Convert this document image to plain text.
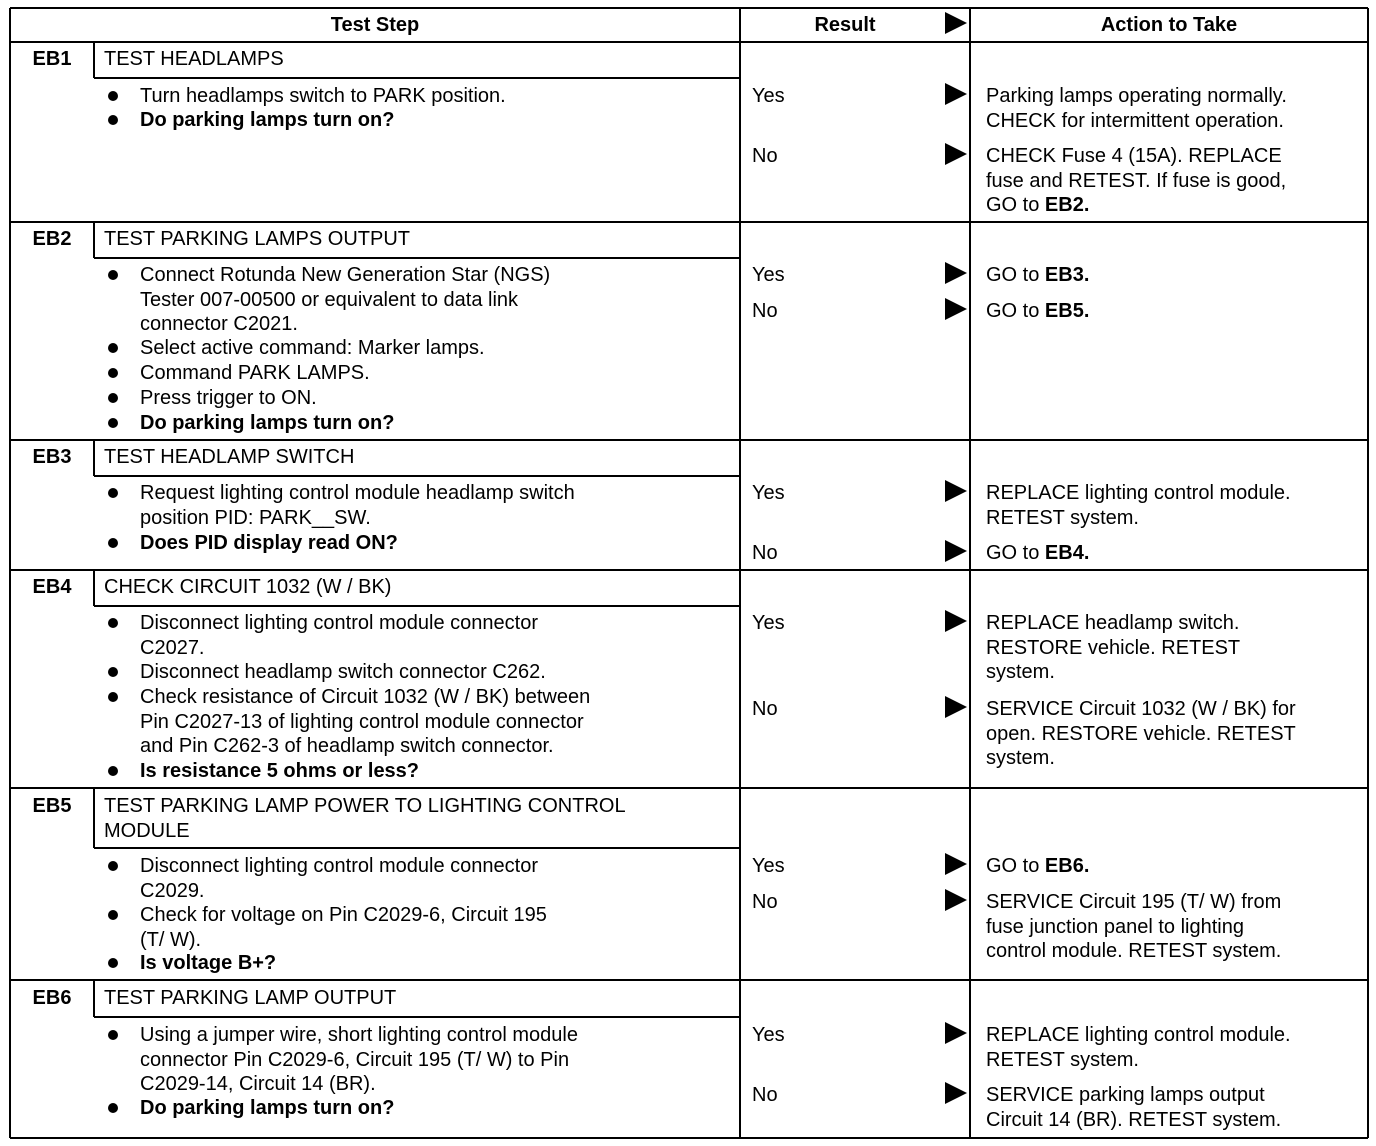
Test Step	Result	Action to Take
EB1	TEST HEADLAMPS
Turn headlamps switch to PARK position.
Do parking lamps turn on?
Yes	Parking lamps operating normally.
CHECK for intermittent operation.
No	CHECK Fuse 4 (15A). REPLACE
fuse and RETEST. If fuse is good,
GO to EB2.
EB2	TEST PARKING LAMPS OUTPUT
Connect Rotunda New Generation Star (NGS)
Tester 007-00500 or equivalent to data link
connector C2021.
Select active command: Marker lamps.
Command PARK LAMPS.
Press trigger to ON.
Do parking lamps turn on?
Yes	GO to EB3.
No	GO to EB5.
EB3	TEST HEADLAMP SWITCH
Request lighting control module headlamp switch
position PID: PARK__SW.
Does PID display read ON?
Yes	REPLACE lighting control module.
RETEST system.
No	GO to EB4.
EB4	CHECK CIRCUIT 1032 (W / BK)
Disconnect lighting control module connector
C2027.
Disconnect headlamp switch connector C262.
Check resistance of Circuit 1032 (W / BK) between
Pin C2027-13 of lighting control module connector
and Pin C262-3 of headlamp switch connector.
Is resistance 5 ohms or less?
Yes	REPLACE headlamp switch.
RESTORE vehicle. RETEST
system.
No	SERVICE Circuit 1032 (W / BK) for
open. RESTORE vehicle. RETEST
system.
EB5	TEST PARKING LAMP POWER TO LIGHTING CONTROL
MODULE
Disconnect lighting control module connector
C2029.
Check for voltage on Pin C2029-6, Circuit 195
(T/ W).
Is voltage B+?
Yes	GO to EB6.
No	SERVICE Circuit 195 (T/ W) from
fuse junction panel to lighting
control module. RETEST system.
EB6	TEST PARKING LAMP OUTPUT
Using a jumper wire, short lighting control module
connector Pin C2029-6, Circuit 195 (T/ W) to Pin
C2029-14, Circuit 14 (BR).
Do parking lamps turn on?
Yes	REPLACE lighting control module.
RETEST system.
No	SERVICE parking lamps output
Circuit 14 (BR). RETEST system.
